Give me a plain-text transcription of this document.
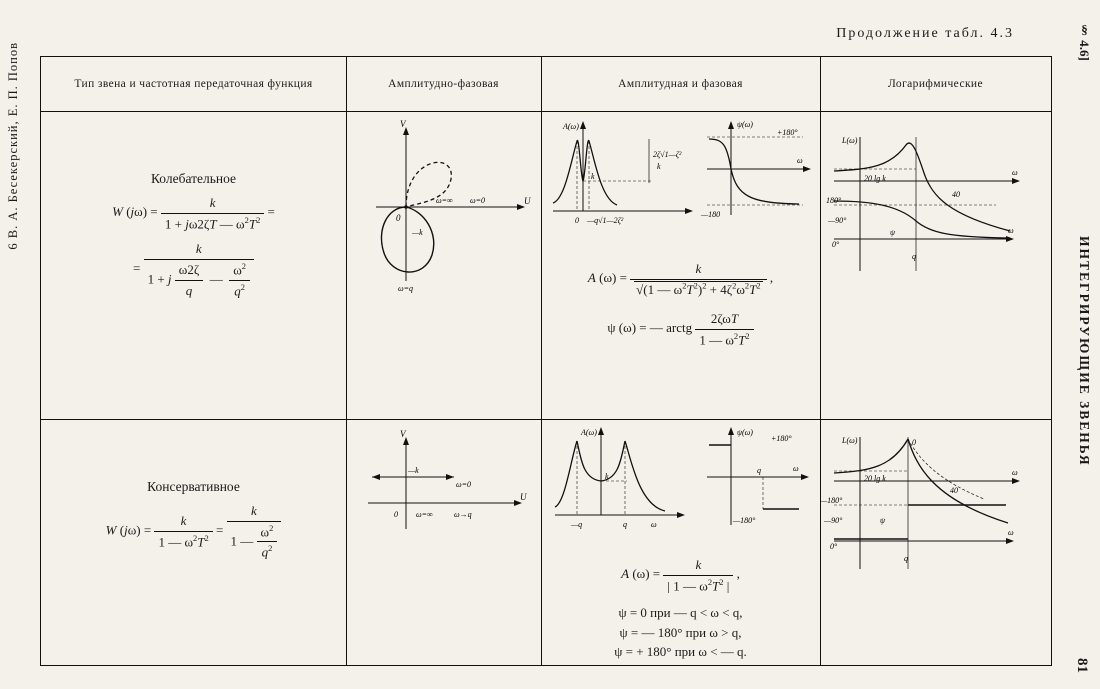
Продолжение табл. 4.3
6 В. А. Бесекерский, Е. П. Попов
§ 4.6]
ИНТЕГРИРУЮЩИЕ ЗВЕНЬЯ
81
Тип звена и частотная передаточная функция	Амплитудно-фазовая	Амплитудная и фазовая	Логарифмические
Колебательное
W $(j\omega) = \frac{k}{1 + j\omega 2\zeta T — \omega^2T^2}$ =
= $\frac{k}{1 + j \frac{\omega 2\zeta}{q} — \frac{\omega^2}{q^2}}$
V
U
0
ω=∞ ω=0
—k
ω=q
A(ω)
k
0 —q√1—2ζ²
2ζ√1—ζ²
k
ψ(ω)
+180°
ω
—180
A $(\omega) = \frac{k}{√(1 — \omega^2T^2)^2 + 4\zeta^2\omega^2T^2}$ ,
ψ (ω) = — arctg $\frac{\text{2ζωT}}{1 — \omega^2T^2}$
L(ω)
ω
20 lg k
180°
—90°
0°
q
ω
40
ψ
Консервативное
W $(j\omega) = \frac{k}{1 — \omega^2T^2} = \frac{k}{1 — \frac{\omega^2}{q^2}}$
V
U
—k
0 ω=∞
ω=0
ω→q
A(ω)
k
—q	q	ω
ψ(ω)
+180°
q	ω
—180°
A $(\omega) = \frac{k}{| 1 — \omega^2T^2 |}$ ,
ψ = 0 при — q < ω < q,
ψ = — 180° при ω > q,
ψ = + 180° при ω < — q.
L(ω)
ω
20 lg k
0
40
—180°
—90°
0°
q
ω
ψ
